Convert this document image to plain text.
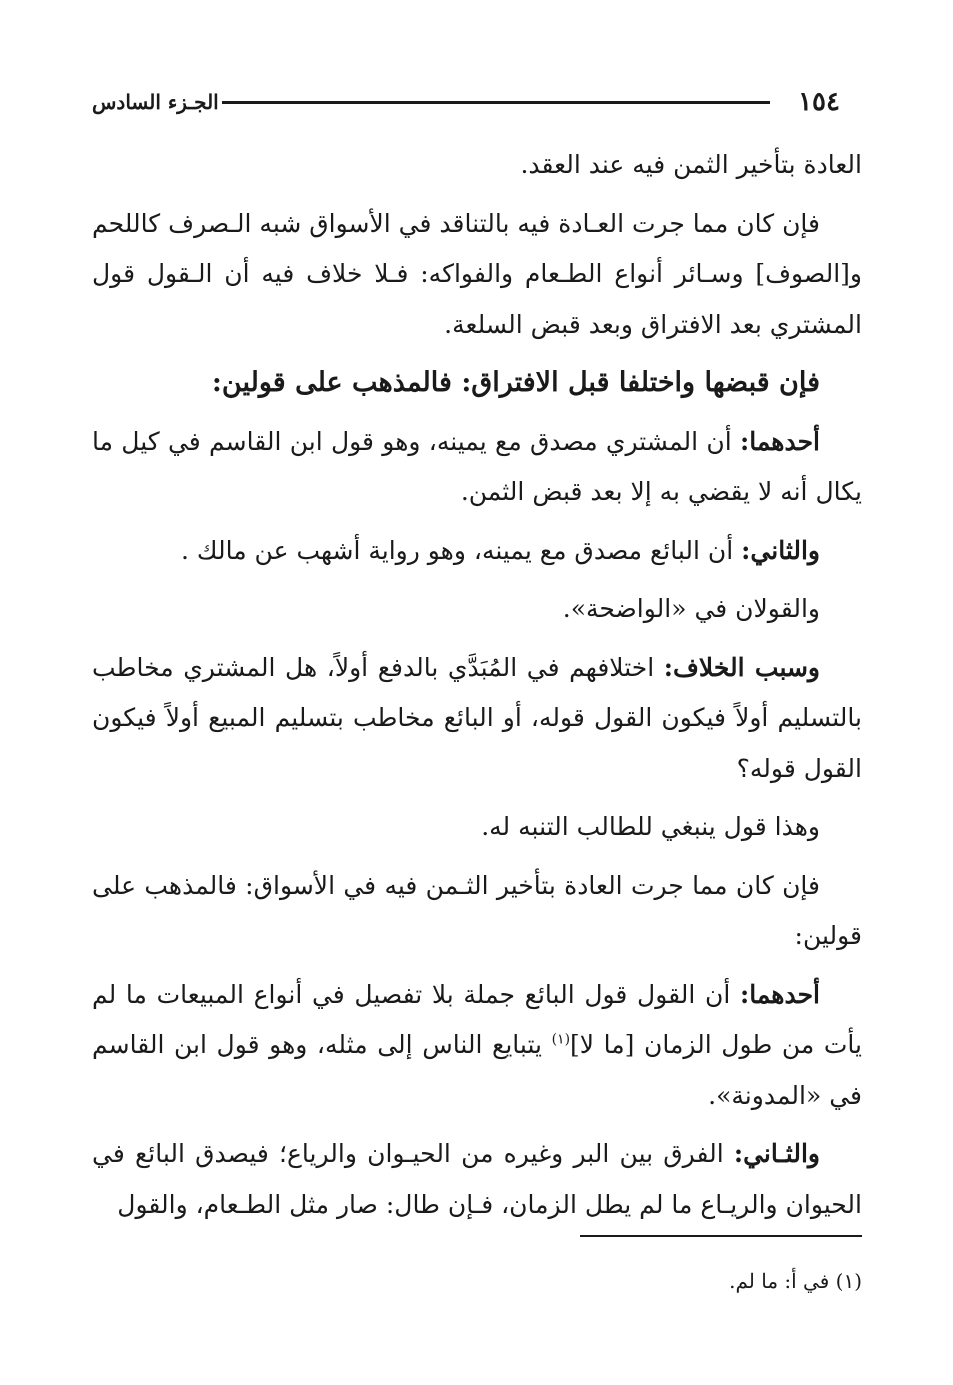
١٥٤
الجـزء السادس

العادة بتأخير الثمن فيه عند العقد.

فإن كان مما جرت العـادة فيه بالتناقد في الأسواق شبه الـصرف كاللحم و[الصوف] وسـائر أنواع الطـعام والفواكه: فـلا خلاف فيه أن الـقول قول المشتري بعد الافتراق وبعد قبض السلعة.

فإن قبضها واختلفا قبل الافتراق: فالمذهب على قولين:

أحدهما: أن المشتري مصدق مع يمينه، وهو قول ابن القاسم في كيل ما يكال أنه لا يقضي به إلا بعد قبض الثمن.

والثاني: أن البائع مصدق مع يمينه، وهو رواية أشهب عن مالك .

والقولان في «الواضحة».

وسبب الخلاف: اختلافهم في المُبَدَّي بالدفع أولاً، هل المشتري مخاطب بالتسليم أولاً فيكون القول قوله، أو البائع مخاطب بتسليم المبيع أولاً فيكون القول قوله؟

وهذا قول ينبغي للطالب التنبه له.

فإن كان مما جرت العادة بتأخير الثـمن فيه في الأسواق: فالمذهب على قولين:

أحدهما: أن القول قول البائع جملة بلا تفصيل في أنواع المبيعات ما لم يأت من طول الزمان [ما لا]$^{(١)}$ يتبايع الناس إلى مثله، وهو قول ابن القاسم في «المدونة».

والثـاني: الفرق بين البر وغيره من الحيـوان والرياع؛ فيصدق البائع في الحيوان والريـاع ما لم يطل الزمان، فـإن طال: صار مثل الطـعام، والقول

(١) في أ: ما لم.
